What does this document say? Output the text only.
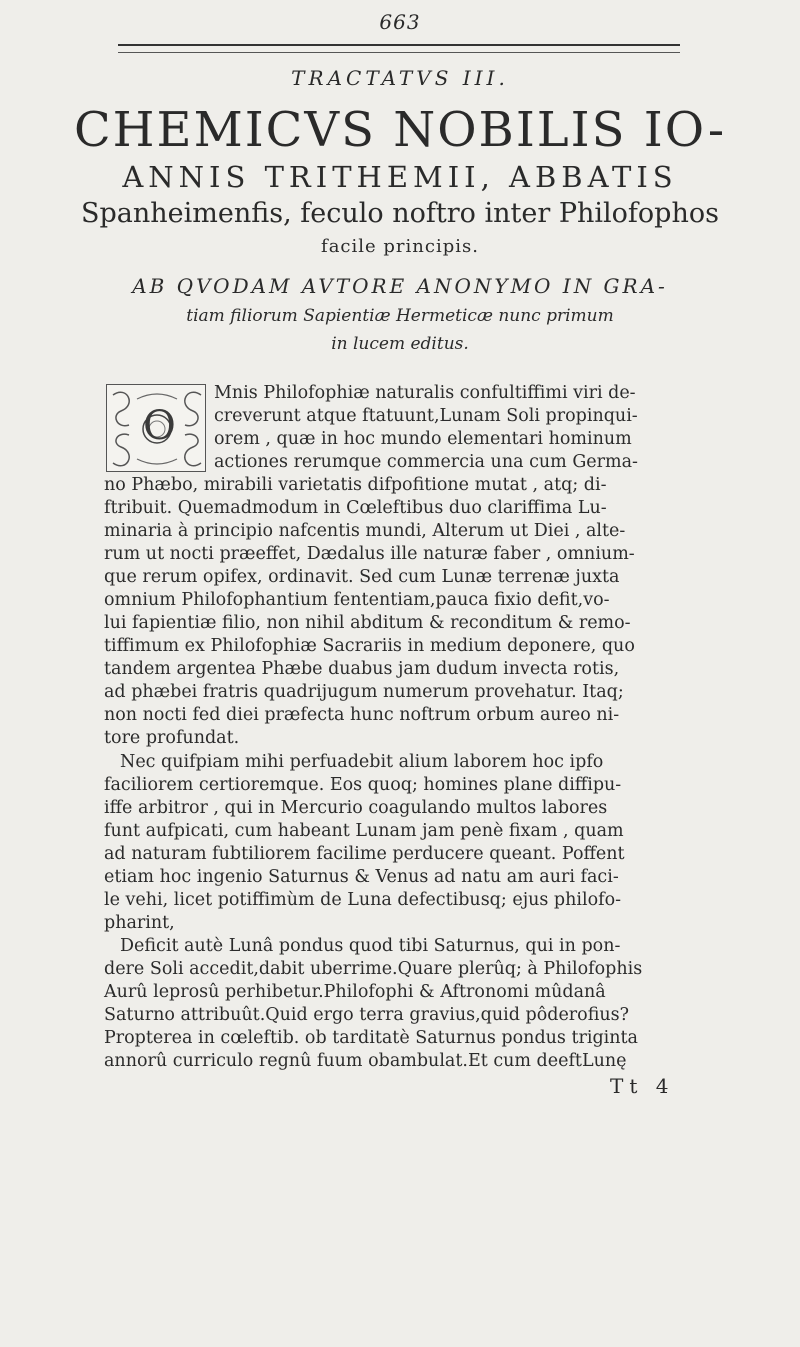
663
TRACTATVS III.
CHEMICVS NOBILIS IO-
ANNIS TRITHEMII, ABBATIS
Spanheimenfis, feculo noftro inter Philofophos
facile principis.
AB QVODAM AVTORE ANONYMO IN GRA-
tiam filiorum Sapientiæ Hermeticæ nunc primum
in lucem editus.
O
Mnis Philofophiæ naturalis confultiffimi viri de-
creverunt atque ftatuunt,Lunam Soli propinqui-
orem , quæ in hoc mundo elementari hominum
actiones rerumque commercia una cum Germa-
no Phæbo, mirabili varietatis difpofitione mutat , atq; di-
ftribuit. Quemadmodum in Cœleftibus duo clariffima Lu-
minaria à principio nafcentis mundi, Alterum ut Diei , alte-
rum ut nocti præeffet, Dædalus ille naturæ faber , omnium-
que rerum opifex, ordinavit. Sed cum Lunæ terrenæ juxta
omnium Philofophantium fententiam,pauca fixio defit,vo-
lui fapientiæ filio, non nihil abditum & reconditum & remo-
tiffimum ex Philofophiæ Sacrariis in medium deponere, quo
tandem argentea Phæbe duabus jam dudum invecta rotis,
ad phæbei fratris quadrijugum numerum provehatur. Itaq;
non nocti fed diei præfecta hunc noftrum orbum aureo ni-
tore profundat.
Nec quifpiam mihi perfuadebit alium laborem hoc ipfo
faciliorem certioremque. Eos quoq; homines plane diffipu-
iffe arbitror , qui in Mercurio coagulando multos labores
funt aufpicati, cum habeant Lunam jam penè fixam , quam
ad naturam fubtiliorem facilime perducere queant. Poffent
etiam hoc ingenio Saturnus & Venus ad natu am auri faci-
le vehi, licet potiffimùm de Luna defectibusq; ejus philofo-
pharint,
Deficit autè Lunâ pondus quod tibi Saturnus, qui in pon-
dere Soli accedit,dabit uberrime.Quare plerûq; à Philofophis
Aurû leprosû perhibetur.Philofophi & Aftronomi mûdanâ
Saturno attribuût.Quid ergo terra gravius,quid pôderofius?
Propterea in cœleftib. ob tarditatè Saturnus pondus triginta
annorû curriculo regnû fuum obambulat.Et cum deeftLunę
Tt 4
